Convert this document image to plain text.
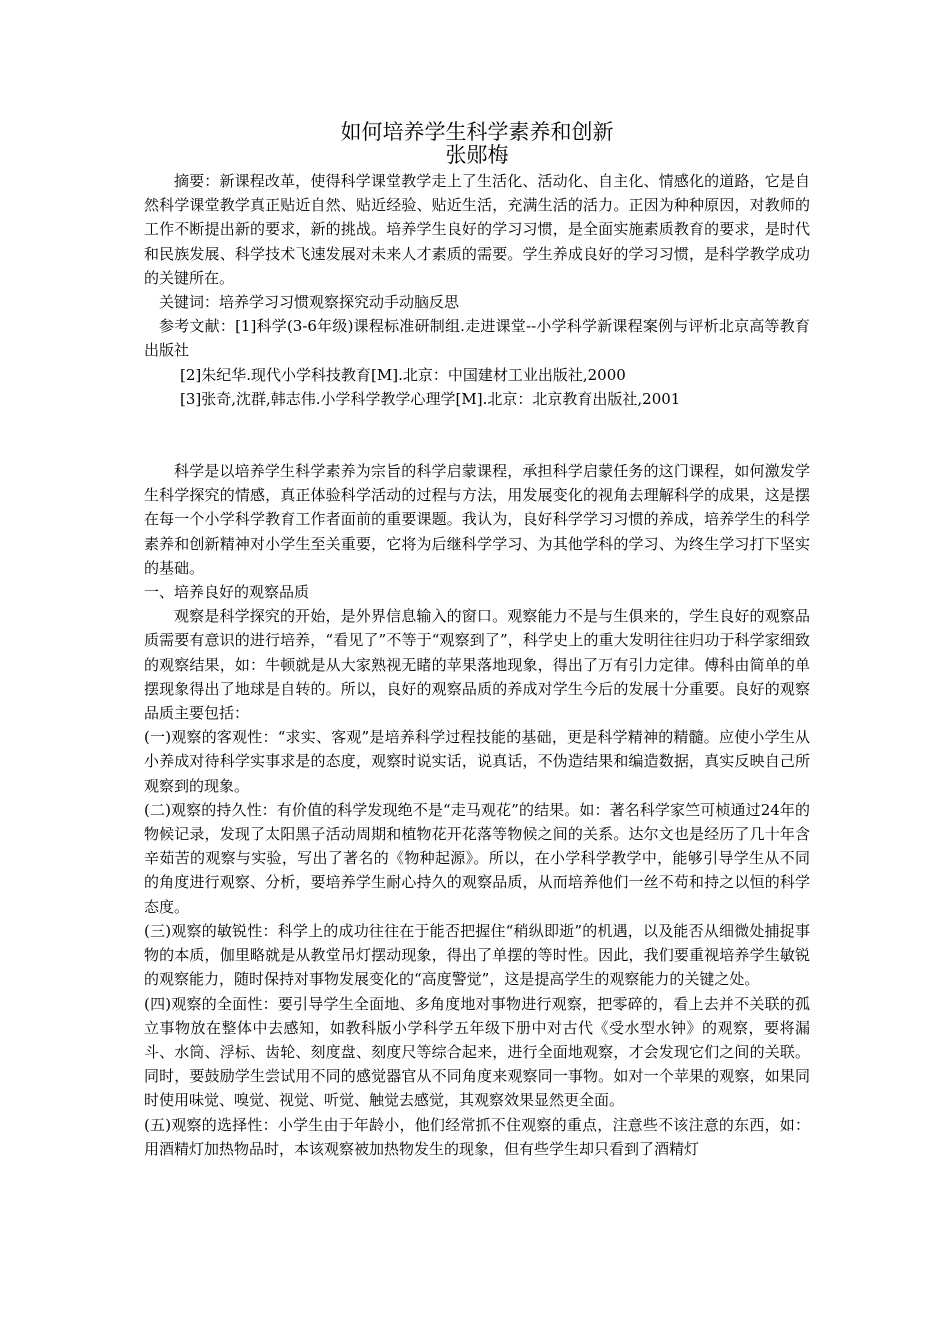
如何培养学生科学素养和创新
张郧梅

摘要：新课程改革，使得科学课堂教学走上了生活化、活动化、自主化、情感化的道路，它是自然科学课堂教学真正贴近自然、贴近经验、贴近生活，充满生活的活力。正因为种种原因，对教师的工作不断提出新的要求，新的挑战。培养学生良好的学习习惯，是全面实施素质教育的要求，是时代和民族发展、科学技术飞速发展对未来人才素质的需要。学生养成良好的学习习惯，是科学教学成功的关键所在。

关键词：培养学习习惯观察探究动手动脑反思

参考文献：[1]科学(3-6年级)课程标准研制组.走进课堂--小学科学新课程案例与评析北京高等教育出版社

[2]朱纪华.现代小学科技教育[M].北京：中国建材工业出版社,2000

[3]张奇,沈群,韩志伟.小学科学教学心理学[M].北京：北京教育出版社,2001

科学是以培养学生科学素养为宗旨的科学启蒙课程，承担科学启蒙任务的这门课程，如何激发学生科学探究的情感，真正体验科学活动的过程与方法，用发展变化的视角去理解科学的成果，这是摆在每一个小学科学教育工作者面前的重要课题。我认为，良好科学学习习惯的养成，培养学生的科学素养和创新精神对小学生至关重要，它将为后继科学学习、为其他学科的学习、为终生学习打下坚实的基础。

一、培养良好的观察品质

观察是科学探究的开始，是外界信息输入的窗口。观察能力不是与生俱来的，学生良好的观察品质需要有意识的进行培养，“看见了”不等于“观察到了”，科学史上的重大发明往往归功于科学家细致的观察结果，如：牛顿就是从大家熟视无睹的苹果落地现象，得出了万有引力定律。傅科由简单的单摆现象得出了地球是自转的。所以，良好的观察品质的养成对学生今后的发展十分重要。良好的观察品质主要包括：

(一)观察的客观性：“求实、客观”是培养科学过程技能的基础，更是科学精神的精髓。应使小学生从小养成对待科学实事求是的态度，观察时说实话，说真话，不伪造结果和编造数据，真实反映自己所观察到的现象。

(二)观察的持久性：有价值的科学发现绝不是“走马观花”的结果。如：著名科学家竺可桢通过24年的物候记录，发现了太阳黑子活动周期和植物花开花落等物候之间的关系。达尔文也是经历了几十年含辛茹苦的观察与实验，写出了著名的《物种起源》。所以，在小学科学教学中，能够引导学生从不同的角度进行观察、分析，要培养学生耐心持久的观察品质，从而培养他们一丝不苟和持之以恒的科学态度。

(三)观察的敏锐性：科学上的成功往往在于能否把握住“稍纵即逝”的机遇，以及能否从细微处捕捉事物的本质，伽里略就是从教堂吊灯摆动现象，得出了单摆的等时性。因此，我们要重视培养学生敏锐的观察能力，随时保持对事物发展变化的“高度警觉”，这是提高学生的观察能力的关键之处。

(四)观察的全面性：要引导学生全面地、多角度地对事物进行观察，把零碎的，看上去并不关联的孤立事物放在整体中去感知，如教科版小学科学五年级下册中对古代《受水型水钟》的观察，要将漏斗、水筒、浮标、齿轮、刻度盘、刻度尺等综合起来，进行全面地观察，才会发现它们之间的关联。同时，要鼓励学生尝试用不同的感觉器官从不同角度来观察同一事物。如对一个苹果的观察，如果同时使用味觉、嗅觉、视觉、听觉、触觉去感觉，其观察效果显然更全面。

(五)观察的选择性：小学生由于年龄小，他们经常抓不住观察的重点，注意些不该注意的东西，如：用酒精灯加热物品时，本该观察被加热物发生的现象，但有些学生却只看到了酒精灯
